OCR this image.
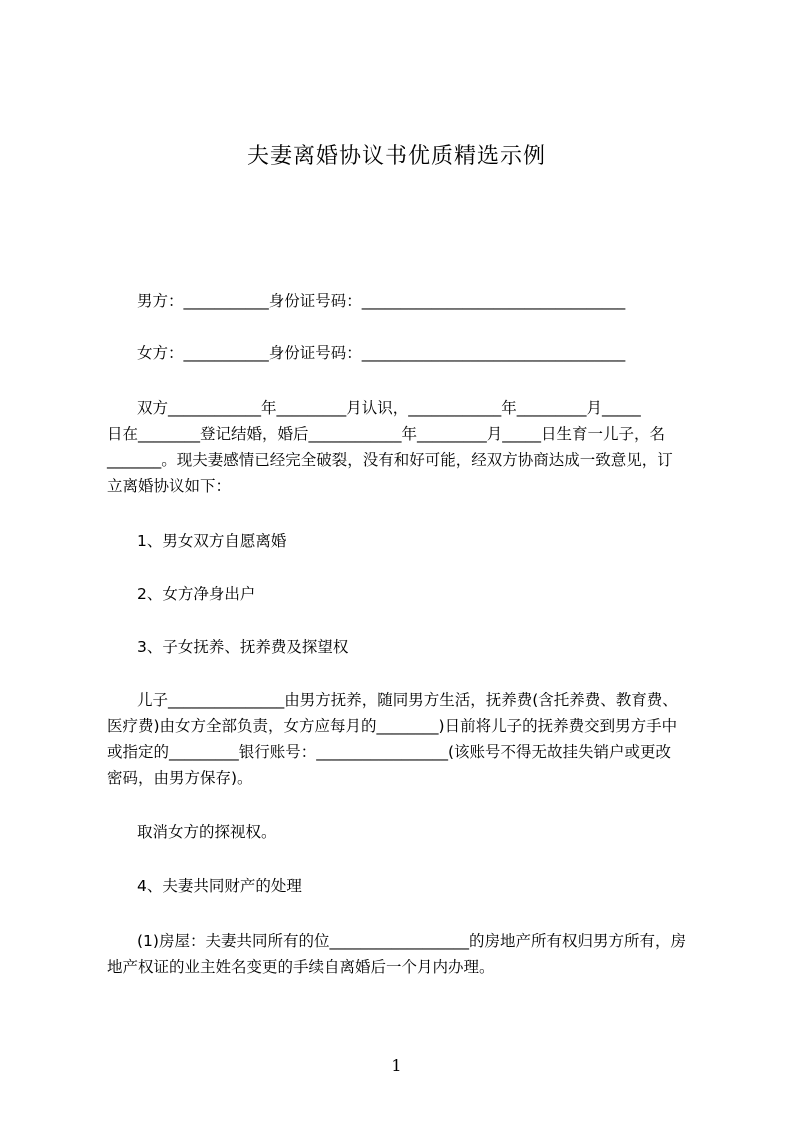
夫妻离婚协议书优质精选示例
男方：___________身份证号码：__________________________________
女方：___________身份证号码：__________________________________
双方____________年_________月认识，____________年_________月_____
日在________登记结婚，婚后____________年_________月_____日生育一儿子，名
_______。现夫妻感情已经完全破裂，没有和好可能，经双方协商达成一致意见，订
立离婚协议如下：
1、男女双方自愿离婚
2、女方净身出户
3、子女抚养、抚养费及探望权
儿子_______________由男方抚养，随同男方生活，抚养费(含托养费、教育费、
医疗费)由女方全部负责，女方应每月的________)日前将儿子的抚养费交到男方手中
或指定的_________银行账号：_________________(该账号不得无故挂失销户或更改
密码，由男方保存)。
取消女方的探视权。
4、夫妻共同财产的处理
(1)房屋：夫妻共同所有的位__________________的房地产所有权归男方所有，房
地产权证的业主姓名变更的手续自离婚后一个月内办理。
1
